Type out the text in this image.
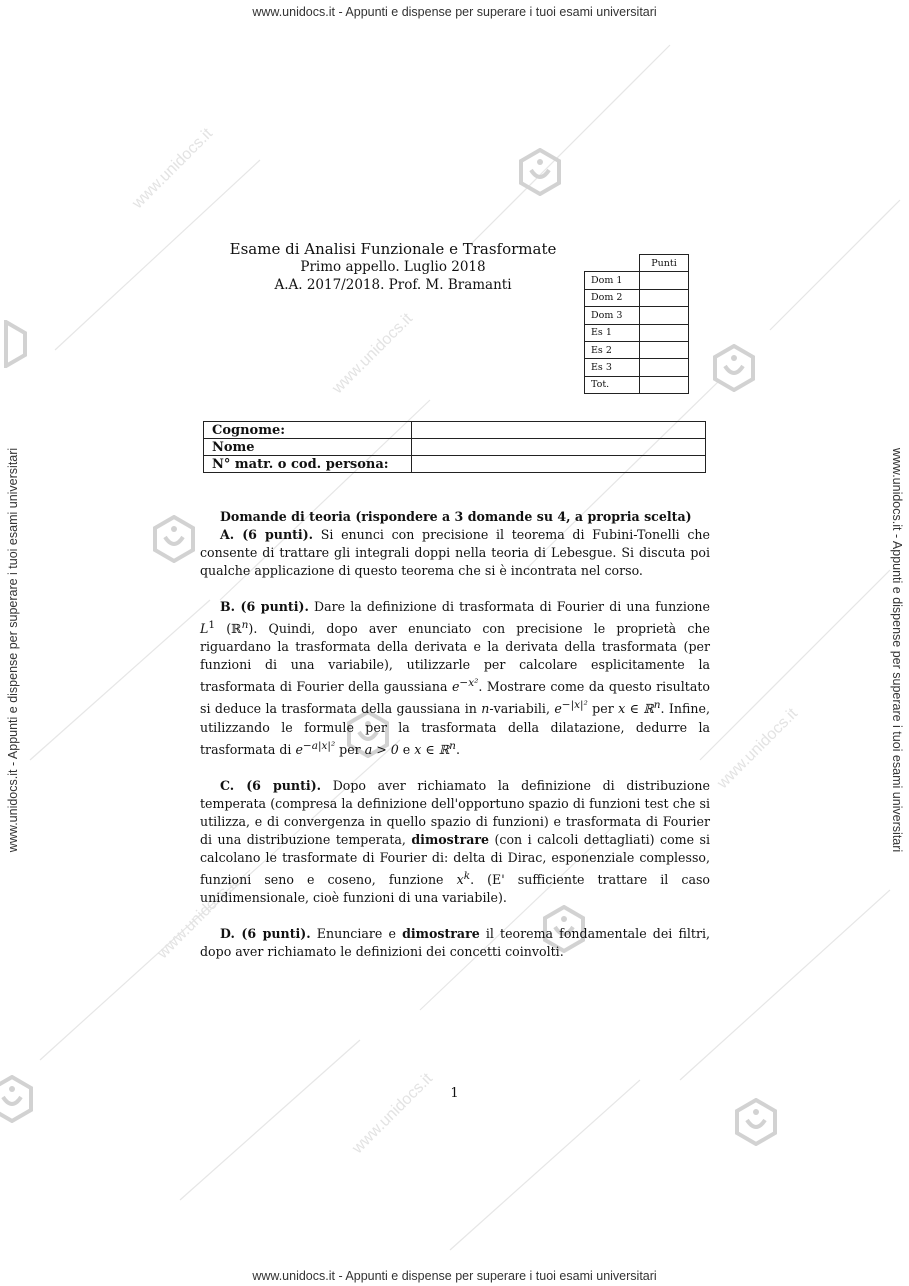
www.unidocs.it
www.unidocs.it
www.unidocs.it
www.unidocs.it
www.unidocs.it
www.unidocs.it - Appunti e dispense per superare i tuoi esami universitari
www.unidocs.it - Appunti e dispense per superare i tuoi esami universitari
www.unidocs.it - Appunti e dispense per superare i tuoi esami universitari	www.unidocs.it - Appunti e dispense per superare i tuoi esami universitari
Esame di Analisi Funzionale e Trasformate
Primo appello. Luglio 2018
A.A. 2017/2018. Prof. M. Bramanti
	Punti
Dom 1	
Dom 2	
Dom 3	
Es 1	
Es 2	
Es 3	
Tot.	
Cognome:	
Nome	
N° matr. o cod. persona:	
Domande di teoria (rispondere a 3 domande su 4, a propria scelta)

A. (6 punti). Si enunci con precisione il teorema di Fubini-Tonelli che consente di trattare gli integrali doppi nella teoria di Lebesgue. Si discuta poi qualche applicazione di questo teorema che si è incontrata nel corso.

B. (6 punti). Dare la definizione di trasformata di Fourier di una funzione $L^1$ (ℝ$^n$). Quindi, dopo aver enunciato con precisione le proprietà che riguardano la trasformata della derivata e la derivata della trasformata (per funzioni di una variabile), utilizzarle per calcolare esplicitamente la trasformata di Fourier della gaussiana $e^{-x^2}$. Mostrare come da questo risultato si deduce la trasformata della gaussiana in n-variabili, $e^{-|x|^2}$ per x ∈ ℝ$^n$. Infine, utilizzando le formule per la trasformata della dilatazione, dedurre la trasformata di $e^{-a|x|^2}$ per a > 0 e x ∈ ℝ$^n$.

C. (6 punti). Dopo aver richiamato la definizione di distribuzione temperata (compresa la definizione dell'opportuno spazio di funzioni test che si utilizza, e di convergenza in quello spazio di funzioni) e trasformata di Fourier di una distribuzione temperata, dimostrare (con i calcoli dettagliati) come si calcolano le trasformate di Fourier di: delta di Dirac, esponenziale complesso, funzioni seno e coseno, funzione $x^k$. (E' sufficiente trattare il caso unidimensionale, cioè funzioni di una variabile).

D. (6 punti). Enunciare e dimostrare il teorema fondamentale dei filtri, dopo aver richiamato le definizioni dei concetti coinvolti.

1
